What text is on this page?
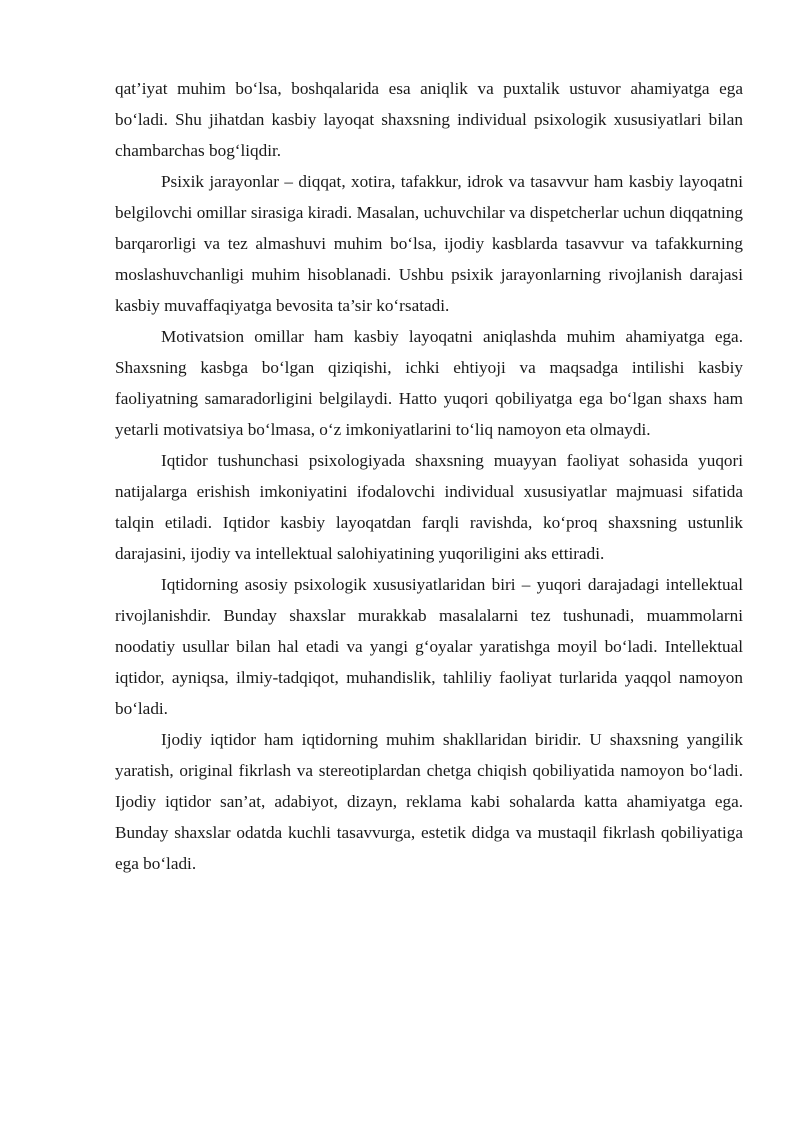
qat’iyat muhim bo‘lsa, boshqalarida esa aniqlik va puxtalik ustuvor ahamiyatga ega bo‘ladi. Shu jihatdan kasbiy layoqat shaxsning individual psixologik xususiyatlari bilan chambarchas bog‘liqdir.

Psixik jarayonlar – diqqat, xotira, tafakkur, idrok va tasavvur ham kasbiy layoqatni belgilovchi omillar sirasiga kiradi. Masalan, uchuvchilar va dispetcherlar uchun diqqatning barqarorligi va tez almashuvi muhim bo‘lsa, ijodiy kasblarda tasavvur va tafakkurning moslashuvchanligi muhim hisoblanadi. Ushbu psixik jarayonlarning rivojlanish darajasi kasbiy muvaffaqiyatga bevosita ta’sir ko‘rsatadi.

Motivatsion omillar ham kasbiy layoqatni aniqlashda muhim ahamiyatga ega. Shaxsning kasbga bo‘lgan qiziqishi, ichki ehtiyoji va maqsadga intilishi kasbiy faoliyatning samaradorligini belgilaydi. Hatto yuqori qobiliyatga ega bo‘lgan shaxs ham yetarli motivatsiya bo‘lmasa, o‘z imkoniyatlarini to‘liq namoyon eta olmaydi.

Iqtidor tushunchasi psixologiyada shaxsning muayyan faoliyat sohasida yuqori natijalarga erishish imkoniyatini ifodalovchi individual xususiyatlar majmuasi sifatida talqin etiladi. Iqtidor kasbiy layoqatdan farqli ravishda, ko‘proq shaxsning ustunlik darajasini, ijodiy va intellektual salohiyatining yuqoriligini aks ettiradi.

Iqtidorning asosiy psixologik xususiyatlaridan biri – yuqori darajadagi intellektual rivojlanishdir. Bunday shaxslar murakkab masalalarni tez tushunadi, muammolarni noodatiy usullar bilan hal etadi va yangi g‘oyalar yaratishga moyil bo‘ladi. Intellektual iqtidor, ayniqsa, ilmiy-tadqiqot, muhandislik, tahliliy faoliyat turlarida yaqqol namoyon bo‘ladi.

Ijodiy iqtidor ham iqtidorning muhim shakllaridan biridir. U shaxsning yangilik yaratish, original fikrlash va stereotiplardan chetga chiqish qobiliyatida namoyon bo‘ladi. Ijodiy iqtidor san’at, adabiyot, dizayn, reklama kabi sohalarda katta ahamiyatga ega. Bunday shaxslar odatda kuchli tasavvurga, estetik didga va mustaqil fikrlash qobiliyatiga ega bo‘ladi.
